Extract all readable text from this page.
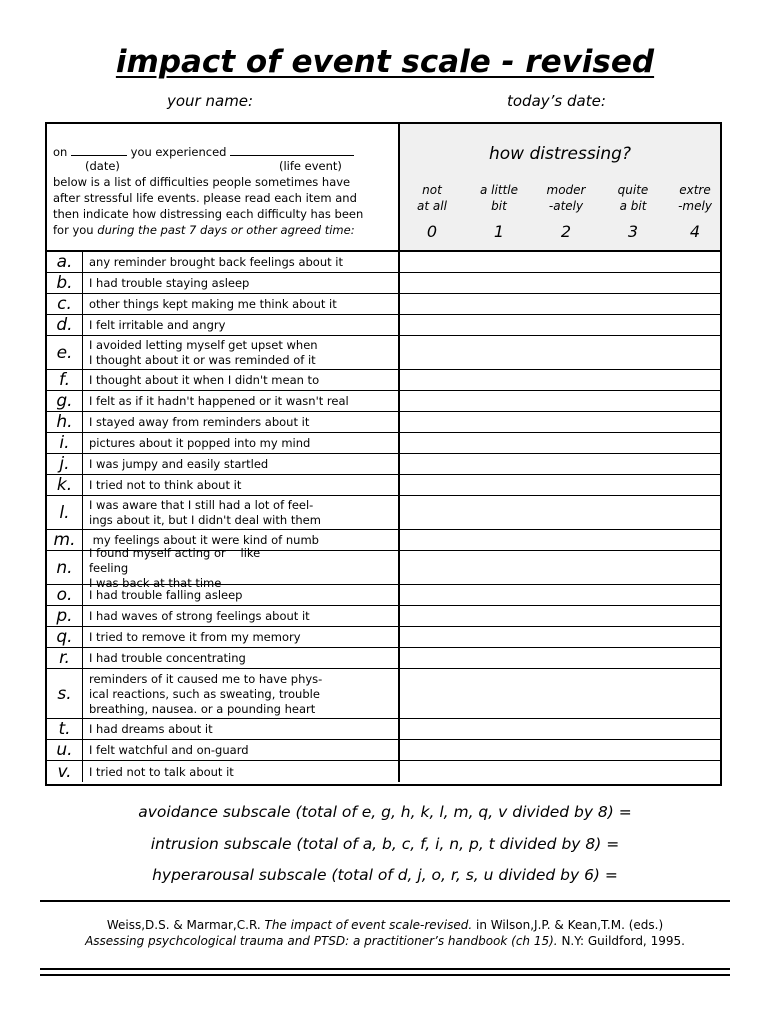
impact of event scale - revised
your name:	today’s date:
on	you experienced
(date)	(life event)
below is a list of difficulties people sometimes have
after stressful life events. please read each item and
then indicate how distressing each difficulty has been
for you during the past 7 days or other agreed time:
how distressing?
not
at all
0
a little
bit
1
moder
-ately
2
quite
a bit
3
extre
-mely
4
a.	any reminder brought back feelings about it
b.	I had trouble staying asleep
c.	other things kept making me think about it
d.	I felt irritable and angry
e.	I avoided letting myself get upset when
I thought about it or was reminded of it
f.	I thought about it when I didn't mean to
g.	I felt as if it hadn't happened or it wasn't real
h.	I stayed away from reminders about it
i.	pictures about it popped into my mind
j.	I was jumpy and easily startled
k.	I tried not to think about it
l.	I was aware that I still had a lot of feel-
ings about it, but I didn't deal with them
m.	my feelings about it were kind of numb
n.
I found myself acting or feeling
like
I was back at that time
o.	I had trouble falling asleep
p.	I had waves of strong feelings about it
q.	I tried to remove it from my memory
r.	I had trouble concentrating
s.
reminders of it caused me to have phys-
ical reactions, such as sweating, trouble
breathing, nausea. or a pounding heart
t.	I had dreams about it
u.	I felt watchful and on-guard
v.	I tried not to talk about it
avoidance subscale (total of e, g, h, k, l, m, q, v divided by 8) =
intrusion subscale (total of a, b, c, f, i, n, p, t divided by 8) =
hyperarousal subscale (total of d, j, o, r, s, u divided by 6) =
Weiss,D.S. & Marmar,C.R. The impact of event scale-revised. in Wilson,J.P. & Kean,T.M. (eds.)
Assessing psychcological trauma and PTSD: a practitioner’s handbook (ch 15). N.Y: Guildford, 1995.
